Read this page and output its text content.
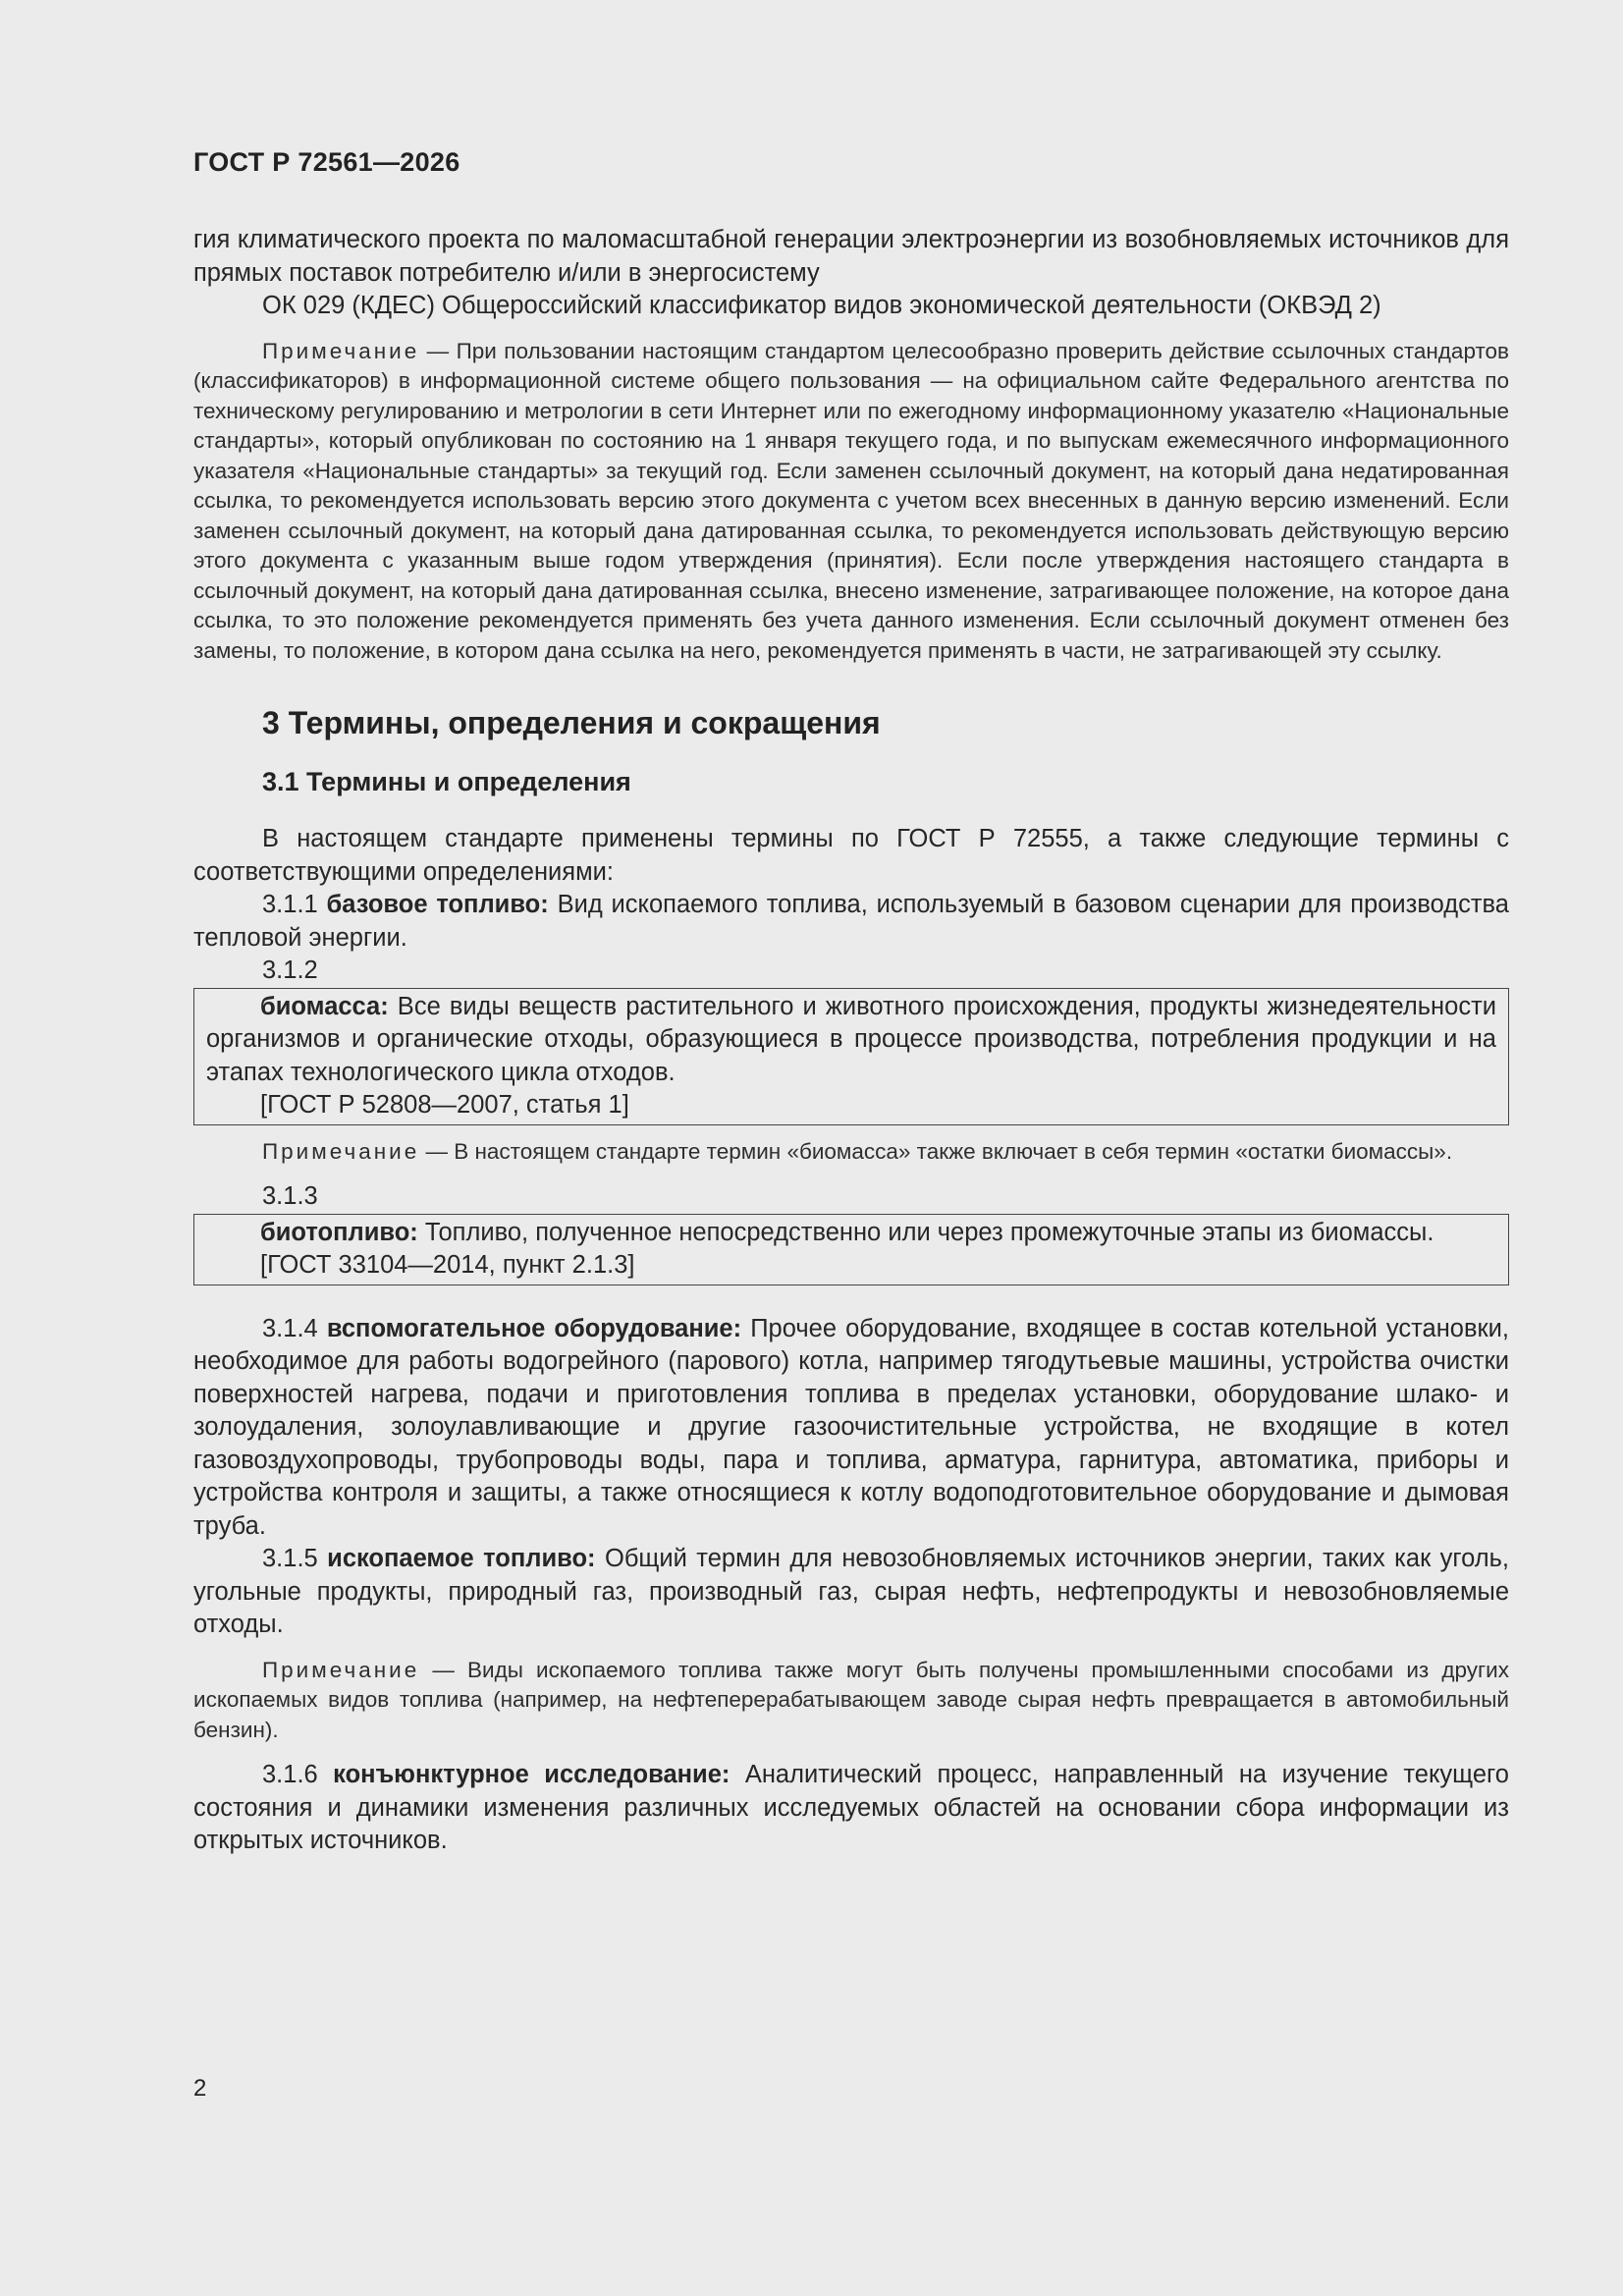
ГОСТ Р 72561—2026

гия климатического проекта по маломасштабной генерации электроэнергии из возобновляемых источников для прямых поставок потребителю и/или в энергосистему

ОК 029 (КДЕС) Общероссийский классификатор видов экономической деятельности (ОКВЭД 2)

Примечание — При пользовании настоящим стандартом целесообразно проверить действие ссылочных стандартов (классификаторов) в информационной системе общего пользования — на официальном сайте Федерального агентства по техническому регулированию и метрологии в сети Интернет или по ежегодному информационному указателю «Национальные стандарты», который опубликован по состоянию на 1 января текущего года, и по выпускам ежемесячного информационного указателя «Национальные стандарты» за текущий год. Если заменен ссылочный документ, на который дана недатированная ссылка, то рекомендуется использовать версию этого документа с учетом всех внесенных в данную версию изменений. Если заменен ссылочный документ, на который дана датированная ссылка, то рекомендуется использовать действующую версию этого документа с указанным выше годом утверждения (принятия). Если после утверждения настоящего стандарта в ссылочный документ, на который дана датированная ссылка, внесено изменение, затрагивающее положение, на которое дана ссылка, то это положение рекомендуется применять без учета данного изменения. Если ссылочный документ отменен без замены, то положение, в котором дана ссылка на него, рекомендуется применять в части, не затрагивающей эту ссылку.

3 Термины, определения и сокращения

3.1 Термины и определения

В настоящем стандарте применены термины по ГОСТ Р 72555, а также следующие термины с соответствующими определениями:

3.1.1 базовое топливо: Вид ископаемого топлива, используемый в базовом сценарии для производства тепловой энергии.

3.1.2

биомасса: Все виды веществ растительного и животного происхождения, продукты жизнедеятельности организмов и органические отходы, образующиеся в процессе производства, потребления продукции и на этапах технологического цикла отходов.

[ГОСТ Р 52808—2007, статья 1]

Примечание — В настоящем стандарте термин «биомасса» также включает в себя термин «остатки биомассы».

3.1.3

биотопливо: Топливо, полученное непосредственно или через промежуточные этапы из биомассы.

[ГОСТ 33104—2014, пункт 2.1.3]

3.1.4 вспомогательное оборудование: Прочее оборудование, входящее в состав котельной установки, необходимое для работы водогрейного (парового) котла, например тягодутьевые машины, устройства очистки поверхностей нагрева, подачи и приготовления топлива в пределах установки, оборудование шлако- и золоудаления, золоулавливающие и другие газоочистительные устройства, не входящие в котел газовоздухопроводы, трубопроводы воды, пара и топлива, арматура, гарнитура, автоматика, приборы и устройства контроля и защиты, а также относящиеся к котлу водоподготовительное оборудование и дымовая труба.

3.1.5 ископаемое топливо: Общий термин для невозобновляемых источников энергии, таких как уголь, угольные продукты, природный газ, производный газ, сырая нефть, нефтепродукты и невозобновляемые отходы.

Примечание — Виды ископаемого топлива также могут быть получены промышленными способами из других ископаемых видов топлива (например, на нефтеперерабатывающем заводе сырая нефть превращается в автомобильный бензин).

3.1.6 конъюнктурное исследование: Аналитический процесс, направленный на изучение текущего состояния и динамики изменения различных исследуемых областей на основании сбора информации из открытых источников.

2
